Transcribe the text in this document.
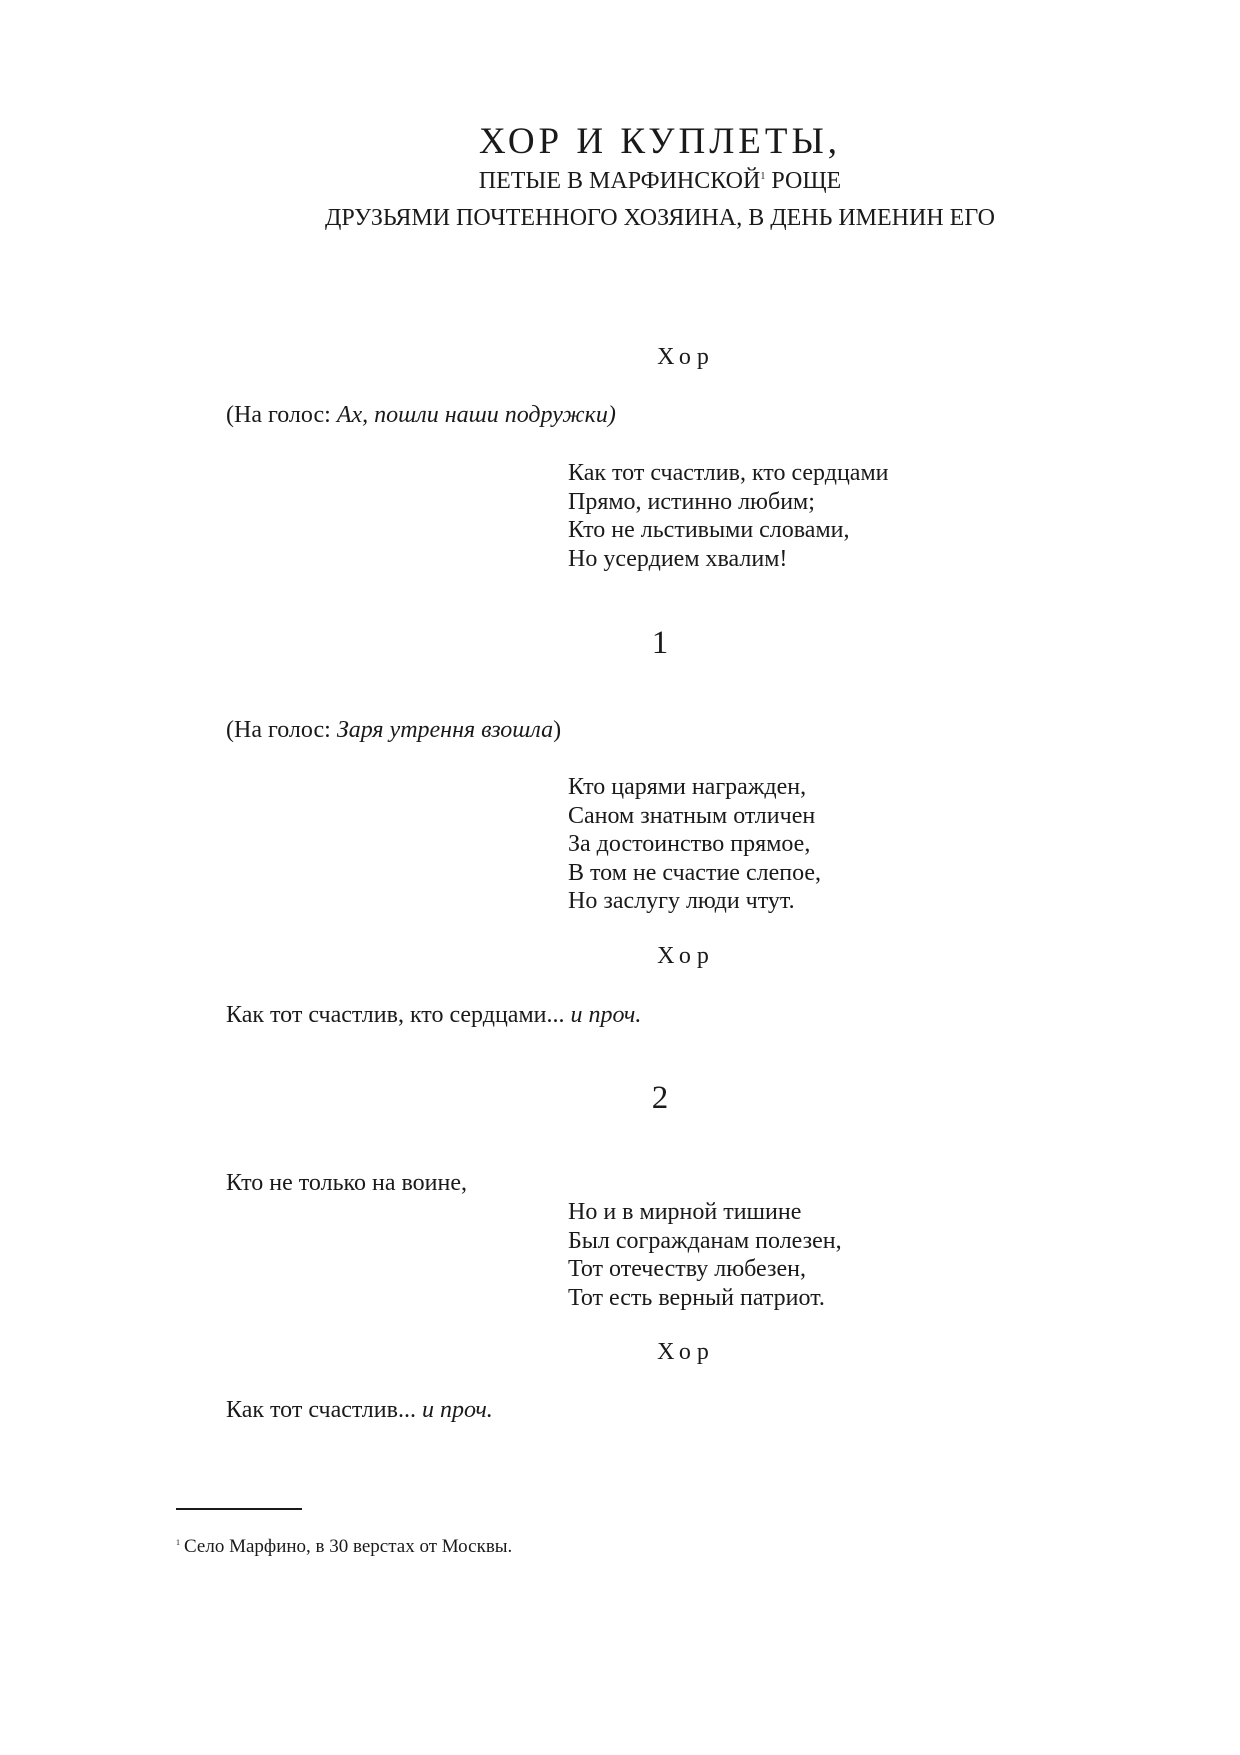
ХОР И КУПЛЕТЫ,
ПЕТЫЕ В МАРФИНСКОЙ$^1$ РОЩЕ
ДРУЗЬЯМИ ПОЧТЕННОГО ХОЗЯИНА, В ДЕНЬ ИМЕНИН ЕГО
Хор
(На голос: Ах, пошли наши подружки)
Как тот счастлив, кто сердцами
Прямо, истинно любим;
Кто не льстивыми словами,
Но усердием хвалим!
1
(На голос: Заря утрення взошла)
Кто царями награжден,
Саном знатным отличен
За достоинство прямое,
В том не счастие слепое,
Но заслугу люди чтут.
Хор
Как тот счастлив, кто сердцами... и проч.
2
Кто не только на воине,
Но и в мирной тишине
Был согражданам полезен,
Тот отечеству любезен,
Тот есть верный патриот.
Хор
Как тот счастлив... и проч.
$^1$ Село Марфино, в 30 верстах от Москвы.
